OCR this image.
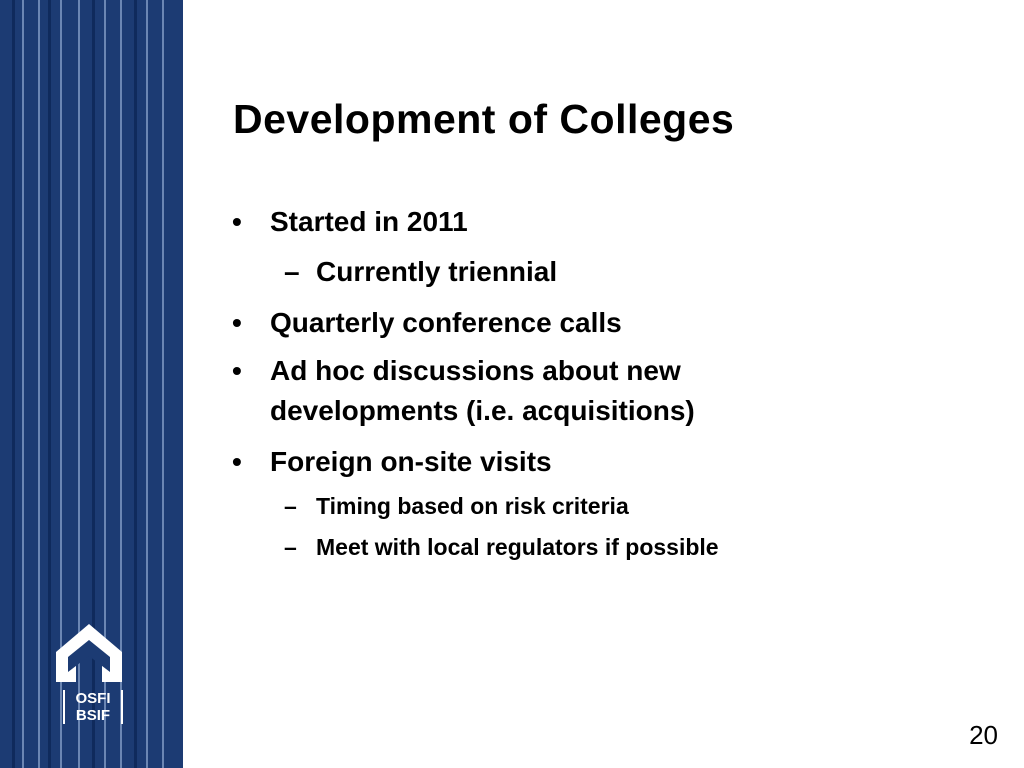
OSFI
BSIF
Development of Colleges
• Started in 2011
– Currently triennial
• Quarterly conference calls
• Ad hoc discussions about new developments (i.e. acquisitions)
• Foreign on-site visits
– Timing based on risk criteria
– Meet with local regulators if possible
20
